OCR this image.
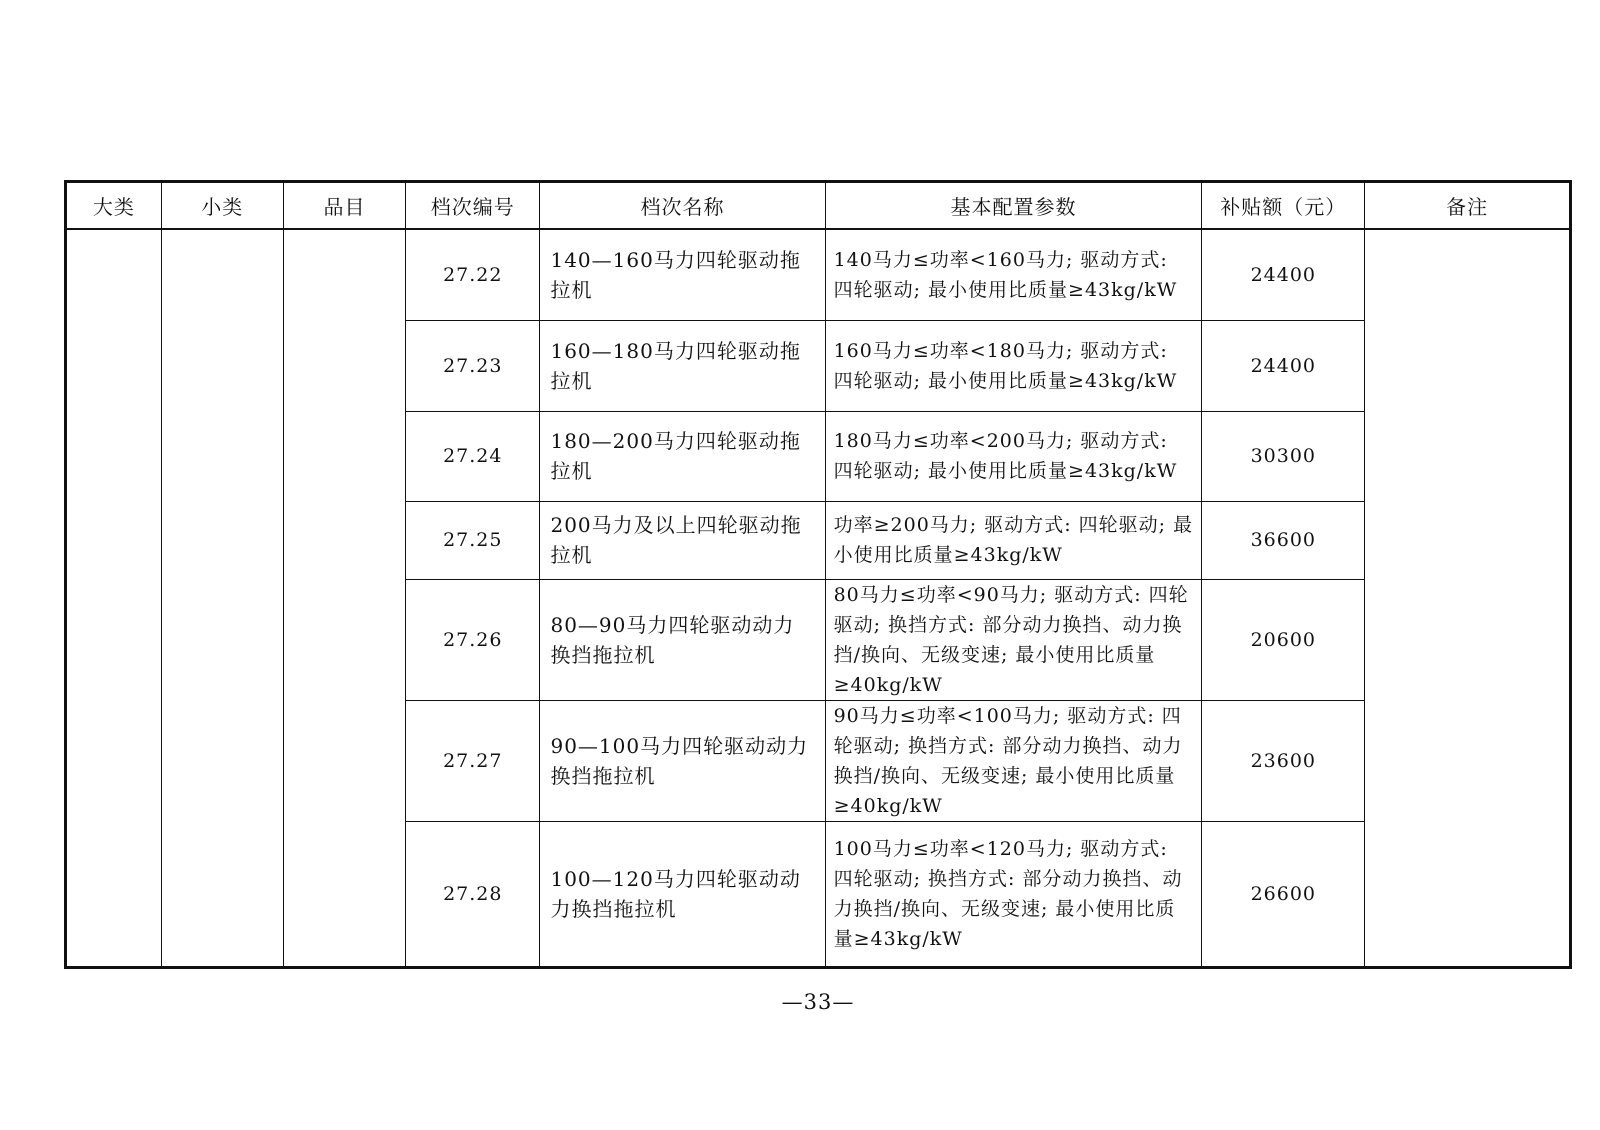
大类	小类	品目	档次编号	档次名称	基本配置参数	补贴额（元）	备注
			27.22	140—160马力四轮驱动拖拉机	140马力≤功率<160马力; 驱动方式: 四轮驱动; 最小使用比质量≥43kg/kW	24400	
			27.23	160—180马力四轮驱动拖拉机	160马力≤功率<180马力; 驱动方式: 四轮驱动; 最小使用比质量≥43kg/kW	24400	
			27.24	180—200马力四轮驱动拖拉机	180马力≤功率<200马力; 驱动方式: 四轮驱动; 最小使用比质量≥43kg/kW	30300	
			27.25	200马力及以上四轮驱动拖拉机	功率≥200马力; 驱动方式: 四轮驱动; 最小使用比质量≥43kg/kW	36600	
			27.26	80—90马力四轮驱动动力换挡拖拉机	80马力≤功率<90马力; 驱动方式: 四轮驱动; 换挡方式: 部分动力换挡、动力换挡/换向、无级变速; 最小使用比质量≥40kg/kW	20600	
			27.27	90—100马力四轮驱动动力换挡拖拉机	90马力≤功率<100马力; 驱动方式: 四轮驱动; 换挡方式: 部分动力换挡、动力换挡/换向、无级变速; 最小使用比质量≥40kg/kW	23600	
			27.28	100—120马力四轮驱动动力换挡拖拉机	100马力≤功率<120马力; 驱动方式: 四轮驱动; 换挡方式: 部分动力换挡、动力换挡/换向、无级变速; 最小使用比质量≥43kg/kW	26600	
—33—
